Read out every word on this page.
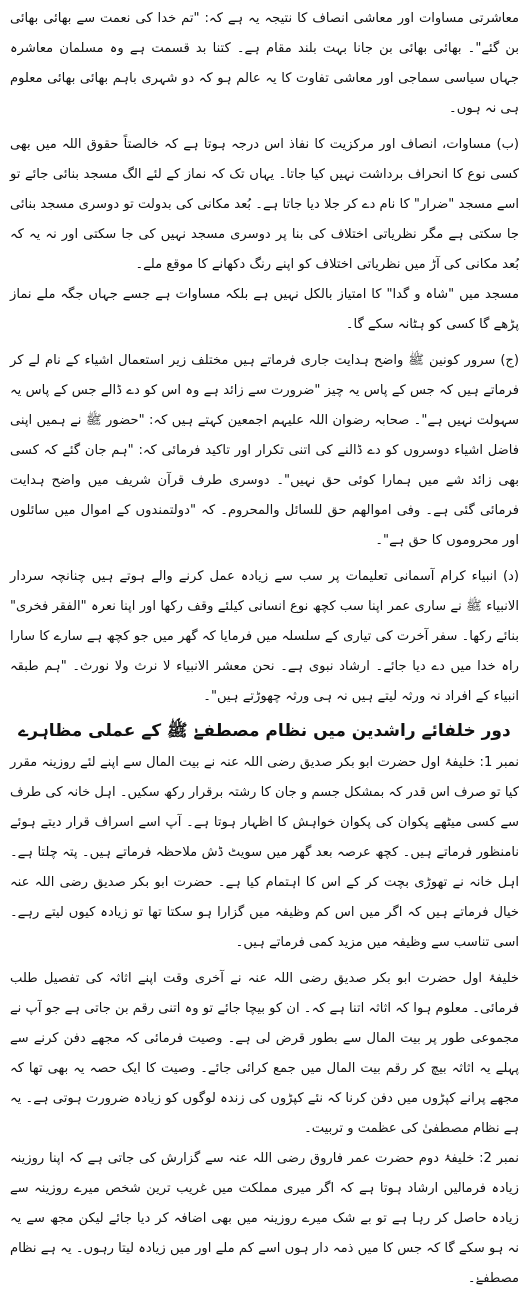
معاشرتی مساوات اور معاشی انصاف کا نتیجہ یہ ہے کہ: "تم خدا کی نعمت سے بھائی بھائی بن گئے"۔ بھائی بھائی بن جانا بہت بلند مقام ہے۔ کتنا بد قسمت ہے وہ مسلمان معاشرہ جہاں سیاسی سماجی اور معاشی تفاوت کا یہ عالم ہو کہ دو شہری باہم بھائی بھائی معلوم ہی نہ ہوں۔

(ب) مساوات، انصاف اور مرکزیت کا نفاذ اس درجہ ہوتا ہے کہ خالصتاً حقوق اللہ میں بھی کسی نوع کا انحراف برداشت نہیں کیا جاتا۔ یہاں تک کہ نماز کے لئے الگ مسجد بنائی جائے تو اسے مسجد "ضرار" کا نام دے کر جلا دیا جاتا ہے۔ بُعد مکانی کی بدولت تو دوسری مسجد بنائی جا سکتی ہے مگر نظریاتی اختلاف کی بنا پر دوسری مسجد نہیں کی جا سکتی اور نہ یہ کہ بُعد مکانی کی آڑ میں نظریاتی اختلاف کو اپنے رنگ دکھانے کا موقع ملے۔

مسجد میں "شاہ و گدا" کا امتیاز بالکل نہیں ہے بلکہ مساوات ہے جسے جہاں جگہ ملے نماز پڑھے گا کسی کو ہٹانہ سکے گا۔

(ج) سرور کونین ﷺ واضح ہدایت جاری فرماتے ہیں مختلف زیر استعمال اشیاء کے نام لے کر فرماتے ہیں کہ جس کے پاس یہ چیز "ضرورت سے زائد ہے وہ اس کو دے ڈالے جس کے پاس یہ سہولت نہیں ہے"۔ صحابہ رضوان اللہ علیہم اجمعین کہتے ہیں کہ: "حضور ﷺ نے ہمیں اپنی فاضل اشیاء دوسروں کو دے ڈالنے کی اتنی تکرار اور تاکید فرمائی کہ: "ہم جان گئے کہ کسی بھی زائد شے میں ہمارا کوئی حق نہیں"۔ دوسری طرف قرآن شریف میں واضح ہدایت فرمائی گئی ہے۔ وفی اموالھم حق للسائل والمحروم۔ کہ "دولتمندوں کے اموال میں سائلوں اور محروموں کا حق ہے"۔

(د) انبیاء کرام آسمانی تعلیمات پر سب سے زیادہ عمل کرنے والے ہوتے ہیں چنانچہ سردار الانبیاء ﷺ نے ساری عمر اپنا سب کچھ نوع انسانی کیلئے وقف رکھا اور اپنا نعرہ "الفقر فخری" بنائے رکھا۔ سفر آخرت کی تیاری کے سلسلہ میں فرمایا کہ گھر میں جو کچھ ہے سارے کا سارا راہ خدا میں دے دیا جائے۔ ارشاد نبوی ہے۔ نحن معشر الانبیاء لا نرث ولا نورث۔ "ہم طبقہ انبیاء کے افراد نہ ورثہ لیتے ہیں نہ ہی ورثہ چھوڑتے ہیں"۔

دور خلفائے راشدین میں نظام مصطفےٰ ﷺ کے عملی مظاہرے

نمبر 1: خلیفۂ اول حضرت ابو بکر صدیق رضی اللہ عنہ نے بیت المال سے اپنے لئے روزینہ مقرر کیا تو صرف اس قدر کہ بمشکل جسم و جان کا رشتہ برقرار رکھ سکیں۔ اہل خانہ کی طرف سے کسی میٹھے پکوان کی پکوان خواہش کا اظہار ہوتا ہے۔ آپ اسے اسراف قرار دیتے ہوئے نامنظور فرماتے ہیں۔ کچھ عرصہ بعد گھر میں سویٹ ڈش ملاحظہ فرماتے ہیں۔ پتہ چلتا ہے۔ اہل خانہ نے تھوڑی بچت کر کے اس کا اہتمام کیا ہے۔ حضرت ابو بکر صدیق رضی اللہ عنہ خیال فرماتے ہیں کہ اگر میں اس کم وظیفہ میں گزارا ہو سکتا تھا تو زیادہ کیوں لیتے رہے۔ اسی تناسب سے وظیفہ میں مزید کمی فرماتے ہیں۔

خلیفۂ اول حضرت ابو بکر صدیق رضی اللہ عنہ نے آخری وقت اپنے اثاثہ کی تفصیل طلب فرمائی۔ معلوم ہوا کہ اثاثہ اتنا ہے کہ۔ ان کو بیچا جائے تو وہ اتنی رقم بن جاتی ہے جو آپ نے مجموعی طور پر بیت المال سے بطور قرض لی ہے۔ وصیت فرمائی کہ مجھے دفن کرنے سے پہلے یہ اثاثہ بیچ کر رقم بیت المال میں جمع کرائی جائے۔ وصیت کا ایک حصہ یہ بھی تھا کہ مجھے پرانے کپڑوں میں دفن کرنا کہ نئے کپڑوں کی زندہ لوگوں کو زیادہ ضرورت ہوتی ہے۔ یہ ہے نظام مصطفیٰ کی عظمت و تربیت۔

نمبر 2: خلیفۂ دوم حضرت عمر فاروق رضی اللہ عنہ سے گزارش کی جاتی ہے کہ اپنا روزینہ زیادہ فرمالیں ارشاد ہوتا ہے کہ اگر میری مملکت میں غریب ترین شخص میرے روزینہ سے زیادہ حاصل کر رہا ہے تو بے شک میرے روزینہ میں بھی اضافہ کر دیا جائے لیکن مجھ سے یہ نہ ہو سکے گا کہ جس کا میں ذمہ دار ہوں اسے کم ملے اور میں زیادہ لیتا رہوں۔ یہ ہے نظام مصطفےٰ۔
